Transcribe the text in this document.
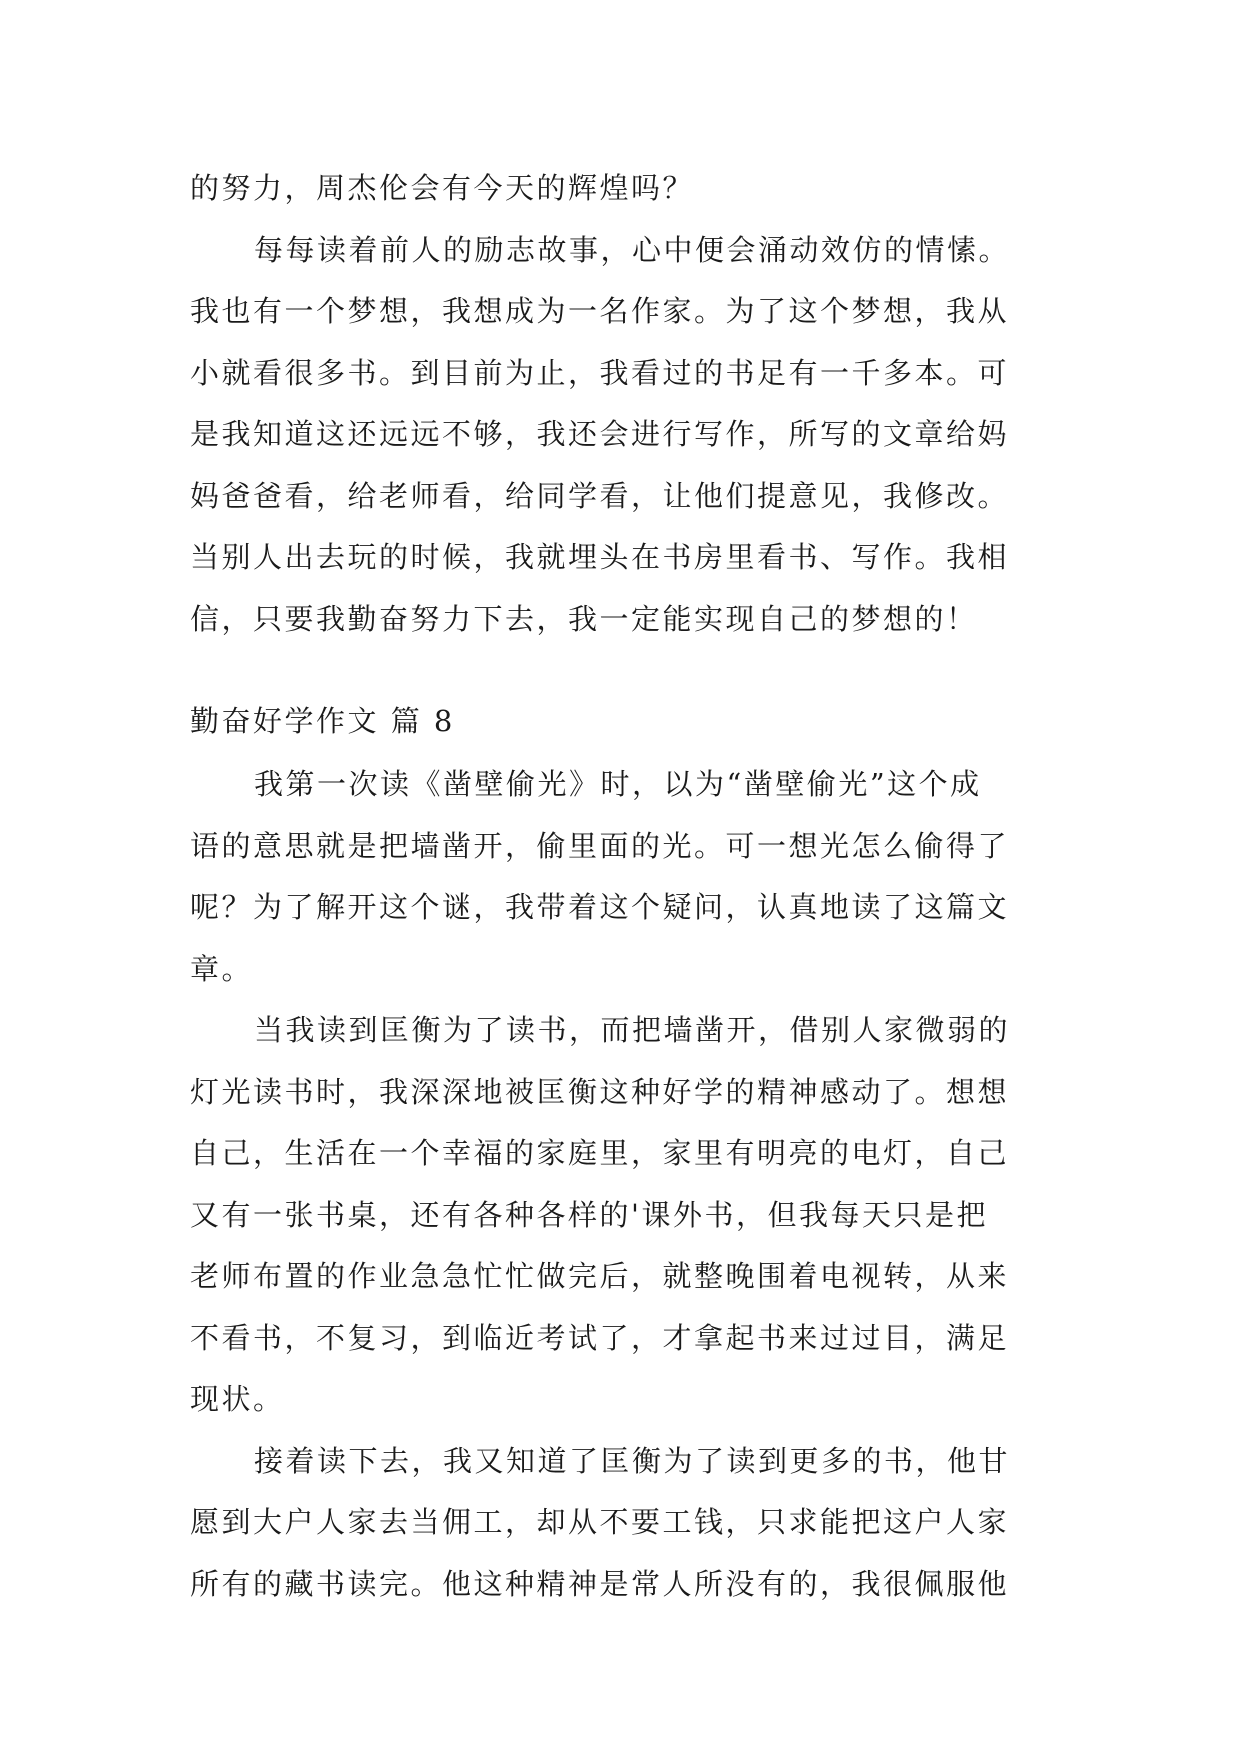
的努力，周杰伦会有今天的辉煌吗？
每每读着前人的励志故事，心中便会涌动效仿的情愫。
我也有一个梦想，我想成为一名作家。为了这个梦想，我从
小就看很多书。到目前为止，我看过的书足有一千多本。可
是我知道这还远远不够，我还会进行写作，所写的文章给妈
妈爸爸看，给老师看，给同学看，让他们提意见，我修改。
当别人出去玩的时候，我就埋头在书房里看书、写作。我相
信，只要我勤奋努力下去，我一定能实现自己的梦想的！
勤奋好学作文 篇 8
我第一次读《凿壁偷光》时，以为“凿壁偷光”这个成
语的意思就是把墙凿开，偷里面的光。可一想光怎么偷得了
呢？为了解开这个谜，我带着这个疑问，认真地读了这篇文
章。
当我读到匡衡为了读书，而把墙凿开，借别人家微弱的
灯光读书时，我深深地被匡衡这种好学的精神感动了。想想
自己，生活在一个幸福的家庭里，家里有明亮的电灯，自己
又有一张书桌，还有各种各样的'课外书，但我每天只是把
老师布置的作业急急忙忙做完后，就整晚围着电视转，从来
不看书，不复习，到临近考试了，才拿起书来过过目，满足
现状。
接着读下去，我又知道了匡衡为了读到更多的书，他甘
愿到大户人家去当佣工，却从不要工钱，只求能把这户人家
所有的藏书读完。他这种精神是常人所没有的，我很佩服他
